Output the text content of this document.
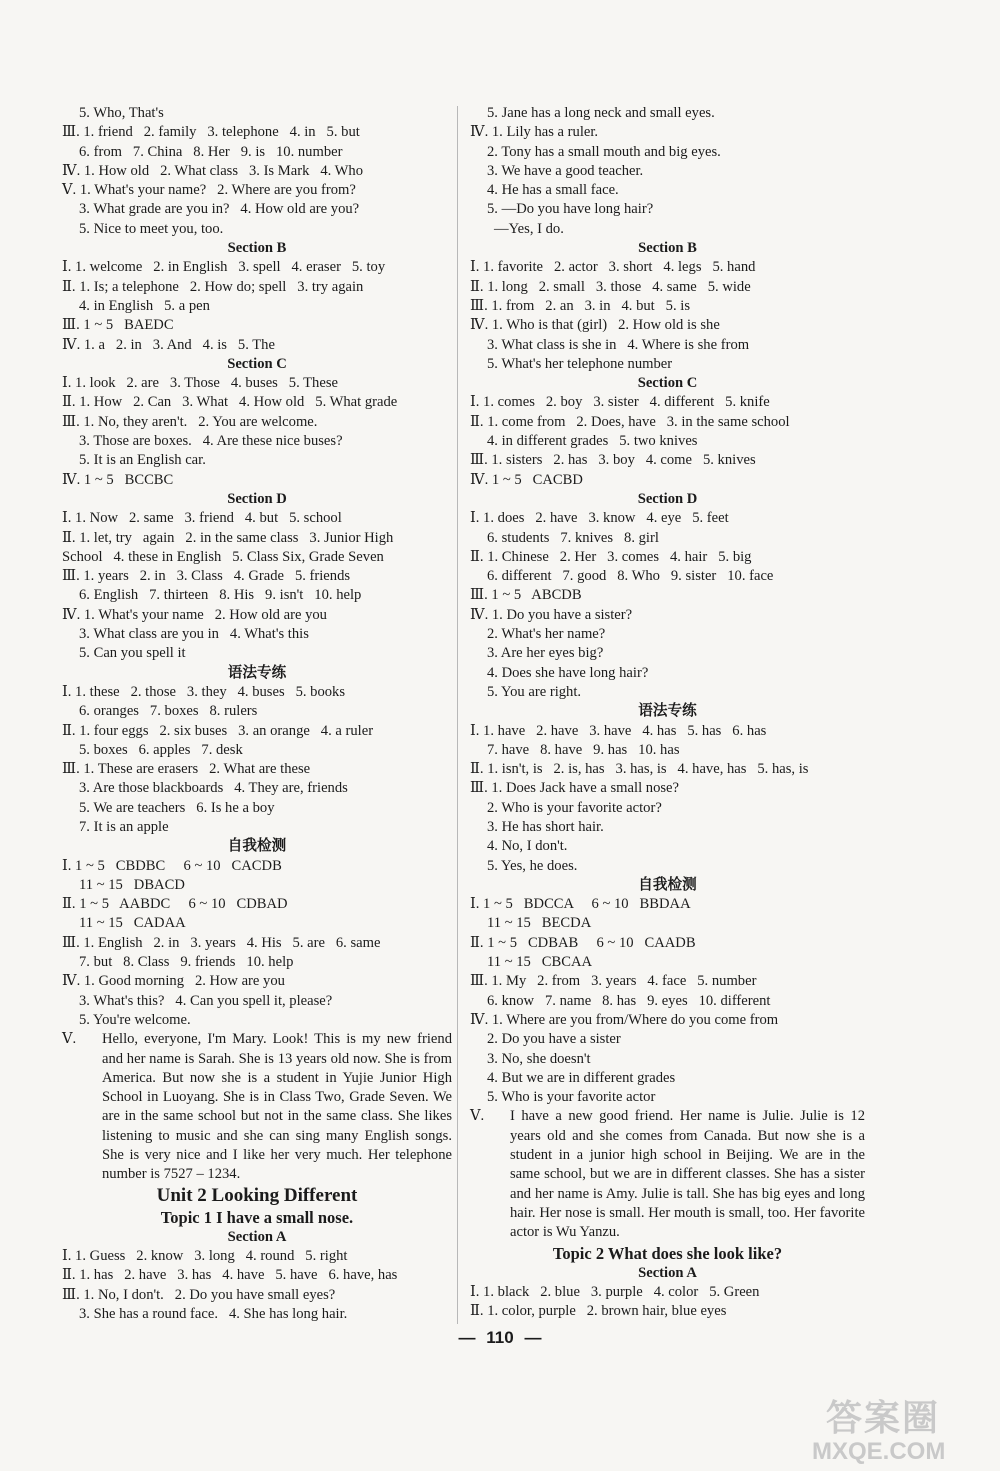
5. Who, That's
Ⅲ. 1. friend   2. family   3. telephone   4. in   5. but
6. from   7. China   8. Her   9. is   10. number
Ⅳ. 1. How old   2. What class   3. Is Mark   4. Who
Ⅴ. 1. What's your name?   2. Where are you from?
3. What grade are you in?   4. How old are you?
5. Nice to meet you, too.
Section B
Ⅰ. 1. welcome   2. in English   3. spell   4. eraser   5. toy
Ⅱ. 1. Is; a telephone   2. How do; spell   3. try again
4. in English   5. a pen
Ⅲ. 1 ~ 5   BAEDC
Ⅳ. 1. a   2. in   3. And   4. is   5. The
Section C
Ⅰ. 1. look   2. are   3. Those   4. buses   5. These
Ⅱ. 1. How   2. Can   3. What   4. How old   5. What grade
Ⅲ. 1. No, they aren't.   2. You are welcome.
3. Those are boxes.   4. Are these nice buses?
5. It is an English car.
Ⅳ. 1 ~ 5   BCCBC
Section D
Ⅰ. 1. Now   2. same   3. friend   4. but   5. school
Ⅱ. 1. let, try   again   2. in the same class   3. Junior High
School   4. these in English   5. Class Six, Grade Seven
Ⅲ. 1. years   2. in   3. Class   4. Grade   5. friends
6. English   7. thirteen   8. His   9. isn't   10. help
Ⅳ. 1. What's your name   2. How old are you
3. What class are you in   4. What's this
5. Can you spell it
语法专练
Ⅰ. 1. these   2. those   3. they   4. buses   5. books
6. oranges   7. boxes   8. rulers
Ⅱ. 1. four eggs   2. six buses   3. an orange   4. a ruler
5. boxes   6. apples   7. desk
Ⅲ. 1. These are erasers   2. What are these
3. Are those blackboards   4. They are, friends
5. We are teachers   6. Is he a boy
7. It is an apple
自我检测
Ⅰ. 1 ~ 5   CBDBC     6 ~ 10   CACDB
11 ~ 15   DBACD
Ⅱ. 1 ~ 5   AABDC     6 ~ 10   CDBAD
11 ~ 15   CADAA
Ⅲ. 1. English   2. in   3. years   4. His   5. are   6. same
7. but   8. Class   9. friends   10. help
Ⅳ. 1. Good morning   2. How are you
3. What's this?   4. Can you spell it, please?
5. You're welcome.
Ⅴ.	Hello, everyone, I'm Mary. Look! This is my new friend and her name is Sarah. She is 13 years old now. She is from America. But now she is a student in Yujie Junior High School in Luoyang. She is in Class Two, Grade Seven. We are in the same school but not in the same class. She likes listening to music and she can sing many English songs. She is very nice and I like her very much. Her telephone number is 7527 – 1234.
Unit 2 Looking Different
Topic 1 I have a small nose.
Section A
Ⅰ. 1. Guess   2. know   3. long   4. round   5. right
Ⅱ. 1. has   2. have   3. has   4. have   5. have   6. have, has
Ⅲ. 1. No, I don't.   2. Do you have small eyes?
3. She has a round face.   4. She has long hair.
5. Jane has a long neck and small eyes.
Ⅳ. 1. Lily has a ruler.
2. Tony has a small mouth and big eyes.
3. We have a good teacher.
4. He has a small face.
5. —Do you have long hair?
—Yes, I do.
Section B
Ⅰ. 1. favorite   2. actor   3. short   4. legs   5. hand
Ⅱ. 1. long   2. small   3. those   4. same   5. wide
Ⅲ. 1. from   2. an   3. in   4. but   5. is
Ⅳ. 1. Who is that (girl)   2. How old is she
3. What class is she in   4. Where is she from
5. What's her telephone number
Section C
Ⅰ. 1. comes   2. boy   3. sister   4. different   5. knife
Ⅱ. 1. come from   2. Does, have   3. in the same school
4. in different grades   5. two knives
Ⅲ. 1. sisters   2. has   3. boy   4. come   5. knives
Ⅳ. 1 ~ 5   CACBD
Section D
Ⅰ. 1. does   2. have   3. know   4. eye   5. feet
6. students   7. knives   8. girl
Ⅱ. 1. Chinese   2. Her   3. comes   4. hair   5. big
6. different   7. good   8. Who   9. sister   10. face
Ⅲ. 1 ~ 5   ABCDB
Ⅳ. 1. Do you have a sister?
2. What's her name?
3. Are her eyes big?
4. Does she have long hair?
5. You are right.
语法专练
Ⅰ. 1. have   2. have   3. have   4. has   5. has   6. has
7. have   8. have   9. has   10. has
Ⅱ. 1. isn't, is   2. is, has   3. has, is   4. have, has   5. has, is
Ⅲ. 1. Does Jack have a small nose?
2. Who is your favorite actor?
3. He has short hair.
4. No, I don't.
5. Yes, he does.
自我检测
Ⅰ. 1 ~ 5   BDCCA     6 ~ 10   BBDAA
11 ~ 15   BECDA
Ⅱ. 1 ~ 5   CDBAB     6 ~ 10   CAADB
11 ~ 15   CBCAA
Ⅲ. 1. My   2. from   3. years   4. face   5. number
6. know   7. name   8. has   9. eyes   10. different
Ⅳ. 1. Where are you from/Where do you come from
2. Do you have a sister
3. No, she doesn't
4. But we are in different grades
5. Who is your favorite actor
Ⅴ.	I have a new good friend. Her name is Julie. Julie is 12 years old and she comes from Canada. But now she is a student in a junior high school in Beijing. We are in the same school, but we are in different classes. She has a sister and her name is Amy. Julie is tall. She has big eyes and long hair. Her nose is small. Her mouth is small, too. Her favorite actor is Wu Yanzu.
Topic 2 What does she look like?
Section A
Ⅰ. 1. black   2. blue   3. purple   4. color   5. Green
Ⅱ. 1. color, purple   2. brown hair, blue eyes
— 110 —
答案圈
MXQE.COM
